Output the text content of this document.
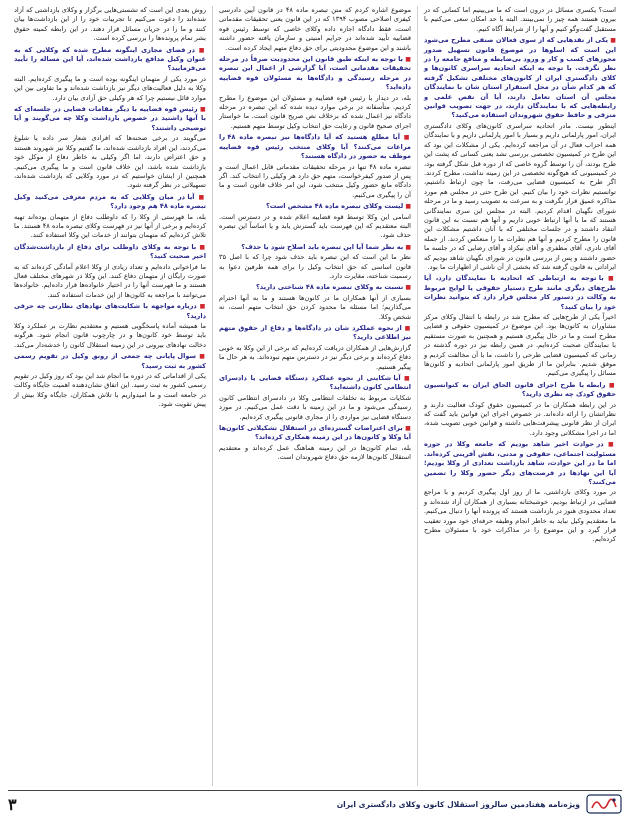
است؟ یکسری مسائل در درون است که ما می‌بینیم اما کسانی که در بیرون هستند همه چیز را نمی‌بینند. البته با حد امکان سعی می‌کنیم با مستقبل گفت‌وگو کنیم و آنها را از شرایط آگاه کنیم.

■ یکی از نقدهایی که از سوی فعالان صنفی مطرح می‌شود این است که اسلوها در موضوع قانون تسهیل صدور مجوزهای کسب و کار و ورود بی‌ضابطه و منافع جامعه را در نظر نگرفت. با توجه به اینکه اتحادیه سراسری کانون‌ها و کلای دادگستری ایران از کانون‌های مختلفی تشکیل گرفته که هر کدام شأن در محل استقرار استان شان با نمایندگان مجلس آن استان تعامل دارند، آیا آن نقص علمی و رابطه‌هایی که با نمایندگان دارند، در جهت تصویب قوانین مترقی و حافظ حقوق شهروندان استفاده می‌کنید؟

اینطور نیست. مادر اتحادیه سراسری کانون‌های وکلای دادگستری ایران، امور پارلمانی داریم و بسیار با امور پارلمانی داریم و با نمایندگان همه احزاب فعال در آن مراجعه کرده‌ایم. یکی از مشکلات این بود که این طرح در کمیسیون تخصصی بررسی نشد یعنی کسانی که پشت این طرح بودند، آن را توسط گروه خاصی که از دوره قبل شکل گرفته بود، در کمیسیونی که هیچ‌گونه تخصصی در این زمینه نداشت، مطرح کردند. اگر طرح به کمیسیون قضایی می‌رفت، ما چون ارتباط داشتیم، توانستیم نظرات خود را بیان کنیم. این طرح حتی در مجلس هم مورد مذاکره عمیق قرار نگرفت و به سرعت به تصویب رسید و ما در مرحله شورای نگهبان اقدام کردیم. البته در مجلس این سری نمایندگانی هستند که ما با آنها ارتباط خوبی داریم و آنها هم نسبت به این قانون انتقاد داشتند و در جلسات مختلفی که با آنان داشتیم مشکلات این قانون را مطرح کردیم و آنها هم نظرات ما را منعکس کردند. از جمله آقای نادری، آقای مظفری و آقای نیکزاد و آقای رضایی که در جلسه ما حضور داشتند و پس از بررسی قانون در شورای نگهبان شاهد بودیم که ایراداتی به قانون گرفته شد که بخشی از آن ناشی از اظهارات ما بود.

■ با توجه به ارتباطی که اتحادیه با نمایندگان دارد، آیا طرح‌های دیگری مانند طرح دستیار حقوقی یا لوایح مربوط به وکالت در دستور کار مجلس قرار دارد که بتوانید نظرات خود را بیان کنید؟

اخیراً یکی از طرح‌هایی که مطرح شد در رابطه با انتقال وکلای مرکز مشاوران به کانون‌ها بود. این موضوع در کمیسیون حقوقی و قضایی مطرح است و ما در حال پیگیری هستیم و همچنین به صورت مستقیم با نمایندگان صحبت کرده‌ایم. در همین رابطه نیز در دوره گذشته در زمانی که کمیسیون قضایی طرحی را داشت، ما با آن مخالفت کردیم و موفق شدیم. بنابراین ما از طریق امور پارلمانی اتحادیه و کانون‌ها مسائل را پیگیری می‌کنیم.

■ رابطه با طرح اجرای قانون الحاق ایران به کنوانسیون حقوق کودک چه نظری دارید؟

در این رابطه همکاران ما در کمیسیون حقوق کودک فعالیت دارند و نظراتشان را ارائه داده‌اند. در خصوص اجرای این قوانین باید گفت که ایران از نظر قانونی پیشرفت‌هایی داشته و قوانین خوبی تصویب شده، اما در اجرا مشکلاتی وجود دارد.

■ در حوادث اخیر شاهد بودیم که جامعه وکلا در حوزه مسئولیت اجتماعی، حقوقی و مدنی، نقش آفرینی کرده‌اند. اما ما در این حوادث، شاهد بازداشت تعدادی از وکلا بودیم؛ آیا این نهادها در فرصت‌های دیگر حضور وکلا را تضمین می‌کنند؟

در مورد وکلای بازداشتی، ما از روز اول پیگیری کردیم و با مراجع قضایی در ارتباط بودیم. خوشبختانه بسیاری از همکاران آزاد شده‌اند و تعداد محدودی هنوز در بازداشت هستند که پرونده آنها را دنبال می‌کنیم. ما معتقدیم وکیل نباید به خاطر انجام وظیفه حرفه‌ای خود مورد تعقیب قرار گیرد و این موضوع را در مذاکرات خود با مسئولان مطرح کرده‌ایم.

موضوع اشاره کردم که متن تبصره ماده ۴۸ در قانون آیین دادرسی کیفری اصلاحی مصوب ۱۳۹۴ که در این قانون یعنی تحقیقات مقدماتی است، فقط دادگاه اجازه داده وکلای خاصی که توسط رئیس قوه قضاییه تأیید شده‌اند در جرایم امنیتی و سازمان یافته حضور داشته باشند و این موضوع محدودیتی برای حق دفاع متهم ایجاد کرده است.

■ با توجه به اینکه طبق قانون این محدودیت صرفاً در مرحله تحقیقات مقدماتی است، آیا گزارشی از اعمال این تبصره در مرحله رسیدگی و دادگاه‌ها به مسئولان قوه قضاییه داده‌اید؟

بله، در دیدار با رئیس قوه قضاییه و مسئولان این موضوع را مطرح کردیم. متأسفانه در برخی موارد دیده شده که این تبصره در مرحله دادگاه نیز اعمال شده که برخلاف نص صریح قانون است. ما خواستار اجرای صحیح قانون و رعایت حق انتخاب وکیل توسط متهم هستیم.

■ آیا مطلع هستید که آیا دادگاه‌ها نیز تبصره ماده ۴۸ را مراعات می‌کنند؟ آیا وکلای منتخب رئیس قوه قضاییه موظف به حضور در دادگاه هستند؟

تبصره ماده ۴۸ تنها در مرحله تحقیقات مقدماتی قابل اعمال است و پس از صدور کیفرخواست، متهم حق دارد هر وکیلی را انتخاب کند. اگر دادگاه مانع حضور وکیل منتخب شود، این امر خلاف قانون است و ما آن را پیگیری می‌کنیم.

■ لیست وکلای تبصره ماده ۴۸ مشخص است؟

اسامی این وکلا توسط قوه قضاییه اعلام شده و در دسترس است. البته معتقدیم که این فهرست باید گسترش یابد و یا اساساً این تبصره حذف شود.

■ به نظر شما آیا این تبصره باید اصلاح شود یا حذف؟

نظر ما این است که این تبصره باید حذف شود چرا که با اصل ۳۵ قانون اساسی که حق انتخاب وکیل را برای همه طرفین دعوا به رسمیت شناخته، مغایرت دارد.

■ نسبت به وکلای تبصره ماده ۴۸ شناختی دارید؟

بسیاری از آنها همکاران ما در کانون‌ها هستند و ما به آنها احترام می‌گذاریم؛ اما مسئله ما محدود کردن حق انتخاب متهم است، نه شخص وکلا.

■ از نحوه عملکرد شان در دادگاه‌ها و دفاع از حقوق متهم نیز اطلاعی دارید؟

گزارش‌هایی از همکاران دریافت کرده‌ایم که برخی از این وکلا به خوبی دفاع کرده‌اند و برخی دیگر نیز در دسترس متهم نبوده‌اند. به هر حال ما پیگیر هستیم.

■ آیا شکایتی از نحوه عملکرد دستگاه قضایی یا دادسرای انتظامی کانون داشته‌اید؟

شکایات مربوط به تخلفات انتظامی وکلا در دادسرای انتظامی کانون رسیدگی می‌شود و ما در این زمینه با دقت عمل می‌کنیم. در مورد دستگاه قضایی نیز مواردی را از مجاری قانونی پیگیری کرده‌ایم.

■ برای اعتراضات گسترده‌ای در استقلال تشکیلاتی کانون‌ها آیا وکلا و کانون‌ها در این زمینه همکاری کرده‌اند؟

بله، تمام کانون‌ها در این زمینه هماهنگ عمل کرده‌اند و معتقدیم استقلال کانون‌ها لازمه حق دفاع شهروندان است.

روش بعدی این است که تشستی‌هایی برگزار و وکلای بازداشتی که آزاد شده‌اند را دعوت می‌کنیم تا تجربیات خود را از این بازداشت‌ها بیان کنند و ما را در جریان مسائل قرار دهند. در این رابطه کمیته حقوق بشر تمام پرونده‌ها را بررسی کرده است.

■ در فضای مجازی اینگونه مطرح شده که وکلایی که به عنوان وکیل مدافع بازداشت شده‌اند، آیا این مساله را تأیید می‌فرمایید؟

در مورد یکی از متهمان اینگونه بوده است و ما پیگیری کرده‌ایم. البته وکلا به دلیل فعالیت‌های دیگر نیز بازداشت شده‌اند و ما تفاوتی بین این موارد قائل نیستیم چرا که هر وکیلی حق آزادی بیان دارد.

■ رئیس قوه قضاییه با دیگر مقامات قضایی در جلسه‌ای که با آنها داشتید در خصوص بازداشت وکلا چه می‌گویند و آیا توضیحی داشتند؟

می‌گویند در برخی صحنه‌ها که افرادی شعار سر داده یا شلوغ می‌کردند، این افراد بازداشت شده‌اند، ما گفتیم وکلا نیز شهروند هستند و حق اعتراض دارند، اما اگر وکیلی به خاطر دفاع از موکل خود بازداشت شده باشد، این خلاف قانون است و ما پیگیری می‌کنیم. همچنین از ایشان خواستیم که در مورد وکلایی که بازداشت شده‌اند، تسهیلاتی در نظر گرفته شود.

■ آیا در میان وکلایی که به مردم معرفی می‌کنید وکیل تبصره ماده ۴۸ هم وجود دارد؟

بله، ما فهرستی از وکلا را که داوطلب دفاع از متهمان بوده‌اند تهیه کرده‌ایم و برخی از آنها نیز در فهرست وکلای تبصره ماده ۴۸ هستند. ما تلاش کرده‌ایم که متهمان بتوانند از خدمات این وکلا استفاده کنند.

■ با توجه به وکلای داوطلب برای دفاع از بازداشت‌شدگان اخیر صحبت کنید؟

ما فراخوانی داده‌ایم و تعداد زیادی از وکلا اعلام آمادگی کرده‌اند که به صورت رایگان از متهمان دفاع کنند. این وکلا در شهرهای مختلف فعال هستند و ما فهرست آنها را در اختیار خانواده‌ها قرار داده‌ایم. خانواده‌ها می‌توانند با مراجعه به کانون‌ها از این خدمات استفاده کنند.

■ درباره مواجهه با شکایت‌های نهادهای نظارتی چه حرفی دارید؟

ما همیشه آماده پاسخگویی هستیم و معتقدیم نظارت بر عملکرد وکلا باید توسط خود کانون‌ها و در چارچوب قانون انجام شود. هرگونه دخالت نهادهای بیرونی در این زمینه استقلال کانون را خدشه‌دار می‌کند.

■ سوال پایانی چه جمعی از رونق وکیل در تقویم رسمی کشور به ثبت رسید؟

یکی از اقداماتی که در دوره ما انجام شد این بود که روز وکیل در تقویم رسمی کشور به ثبت رسید. این اتفاق نشان‌دهنده اهمیت جایگاه وکالت در جامعه است و ما امیدواریم با تلاش همکاران، جایگاه وکلا بیش از پیش تقویت شود.

۳	ویژه‌نامه هفتادمین سالروز استقلال کانون وکلای دادگستری ایران
